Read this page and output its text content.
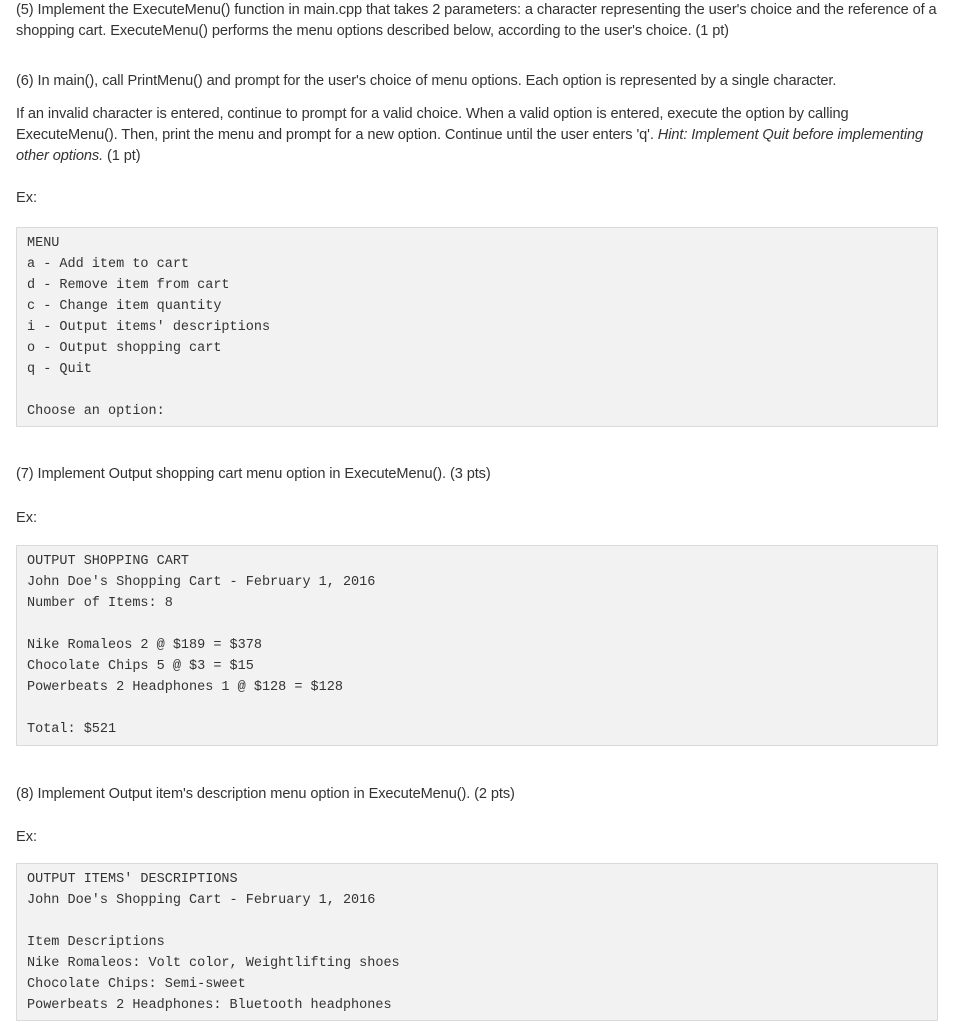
(5) Implement the ExecuteMenu() function in main.cpp that takes 2 parameters: a character representing the user's choice and the reference of a shopping cart. ExecuteMenu() performs the menu options described below, according to the user's choice. (1 pt)

(6) In main(), call PrintMenu() and prompt for the user's choice of menu options. Each option is represented by a single character.

If an invalid character is entered, continue to prompt for a valid choice. When a valid option is entered, execute the option by calling ExecuteMenu(). Then, print the menu and prompt for a new option. Continue until the user enters 'q'. Hint: Implement Quit before implementing other options. (1 pt)

Ex:

MENU
a - Add item to cart
d - Remove item from cart
c - Change item quantity
i - Output items' descriptions
o - Output shopping cart
q - Quit
Choose an option:

(7) Implement Output shopping cart menu option in ExecuteMenu(). (3 pts)

Ex:

OUTPUT SHOPPING CART
John Doe's Shopping Cart - February 1, 2016
Number of Items: 8
Nike Romaleos 2 @ $189 = $378
Chocolate Chips 5 @ $3 = $15
Powerbeats 2 Headphones 1 @ $128 = $128
Total: $521

(8) Implement Output item's description menu option in ExecuteMenu(). (2 pts)

Ex:

OUTPUT ITEMS' DESCRIPTIONS
John Doe's Shopping Cart - February 1, 2016
Item Descriptions
Nike Romaleos: Volt color, Weightlifting shoes
Chocolate Chips: Semi-sweet
Powerbeats 2 Headphones: Bluetooth headphones
